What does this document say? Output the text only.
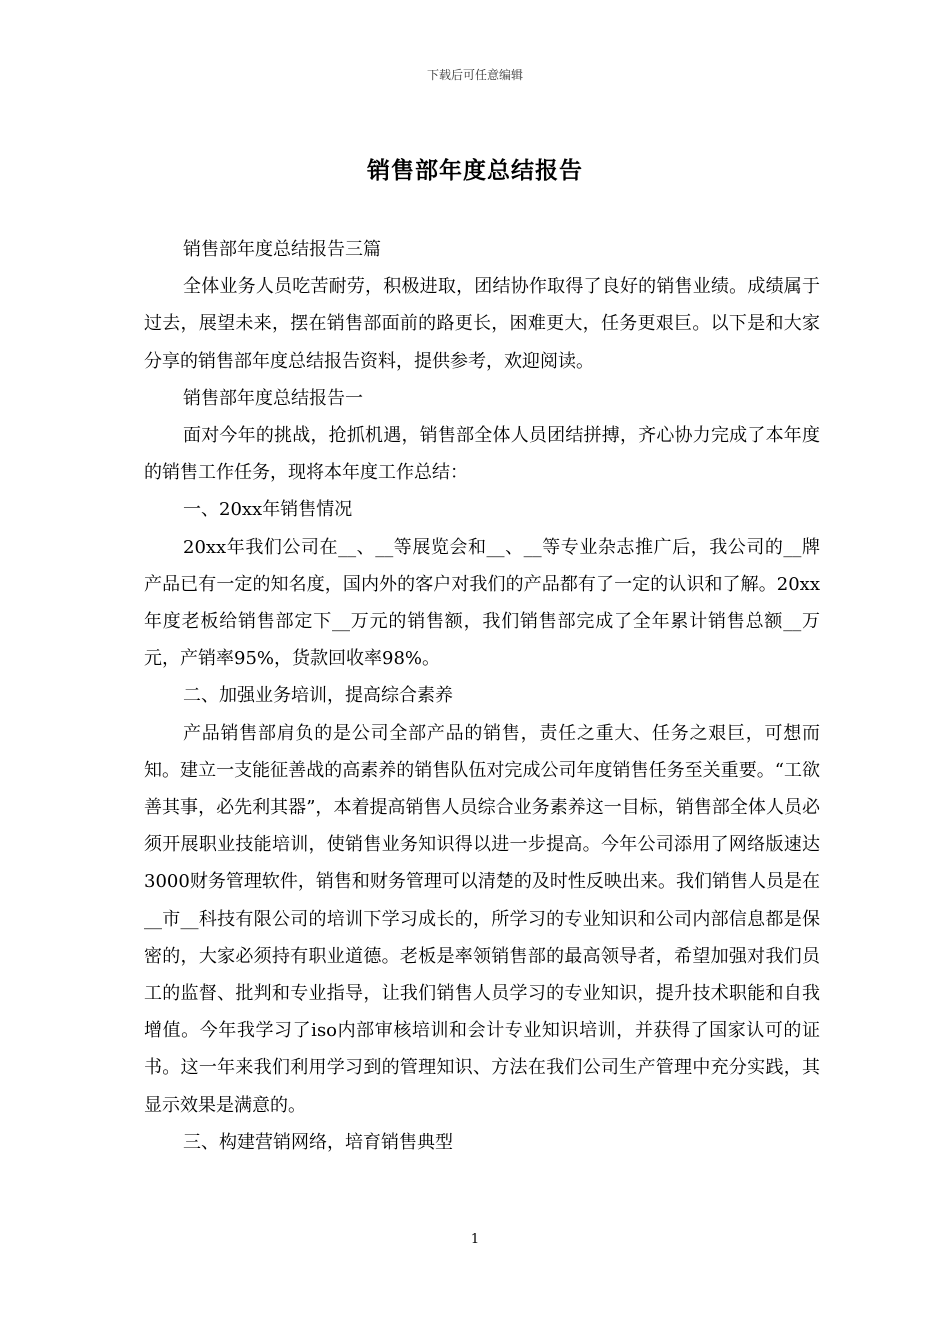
下载后可任意编辑
销售部年度总结报告

销售部年度总结报告三篇

全体业务人员吃苦耐劳，积极进取，团结协作取得了良好的销售业绩。成绩属于过去，展望未来，摆在销售部面前的路更长，困难更大，任务更艰巨。以下是和大家分享的销售部年度总结报告资料，提供参考，欢迎阅读。

销售部年度总结报告一

面对今年的挑战，抢抓机遇，销售部全体人员团结拼搏，齐心协力完成了本年度的销售工作任务，现将本年度工作总结：

一、20xx年销售情况

20xx年我们公司在__、__等展览会和__、__等专业杂志推广后，我公司的__牌产品已有一定的知名度，国内外的客户对我们的产品都有了一定的认识和了解。20xx年度老板给销售部定下__万元的销售额，我们销售部完成了全年累计销售总额__万元，产销率95%，货款回收率98%。

二、加强业务培训，提高综合素养

产品销售部肩负的是公司全部产品的销售，责任之重大、任务之艰巨，可想而知。建立一支能征善战的高素养的销售队伍对完成公司年度销售任务至关重要。“工欲善其事，必先利其器”，本着提高销售人员综合业务素养这一目标，销售部全体人员必须开展职业技能培训，使销售业务知识得以进一步提高。今年公司添用了网络版速达3000财务管理软件，销售和财务管理可以清楚的及时性反映出来。我们销售人员是在__市__科技有限公司的培训下学习成长的，所学习的专业知识和公司内部信息都是保密的，大家必须持有职业道德。老板是率领销售部的最高领导者，希望加强对我们员工的监督、批判和专业指导，让我们销售人员学习的专业知识，提升技术职能和自我增值。今年我学习了iso内部审核培训和会计专业知识培训，并获得了国家认可的证书。这一年来我们利用学习到的管理知识、方法在我们公司生产管理中充分实践，其显示效果是满意的。

三、构建营销网络，培育销售典型

1
